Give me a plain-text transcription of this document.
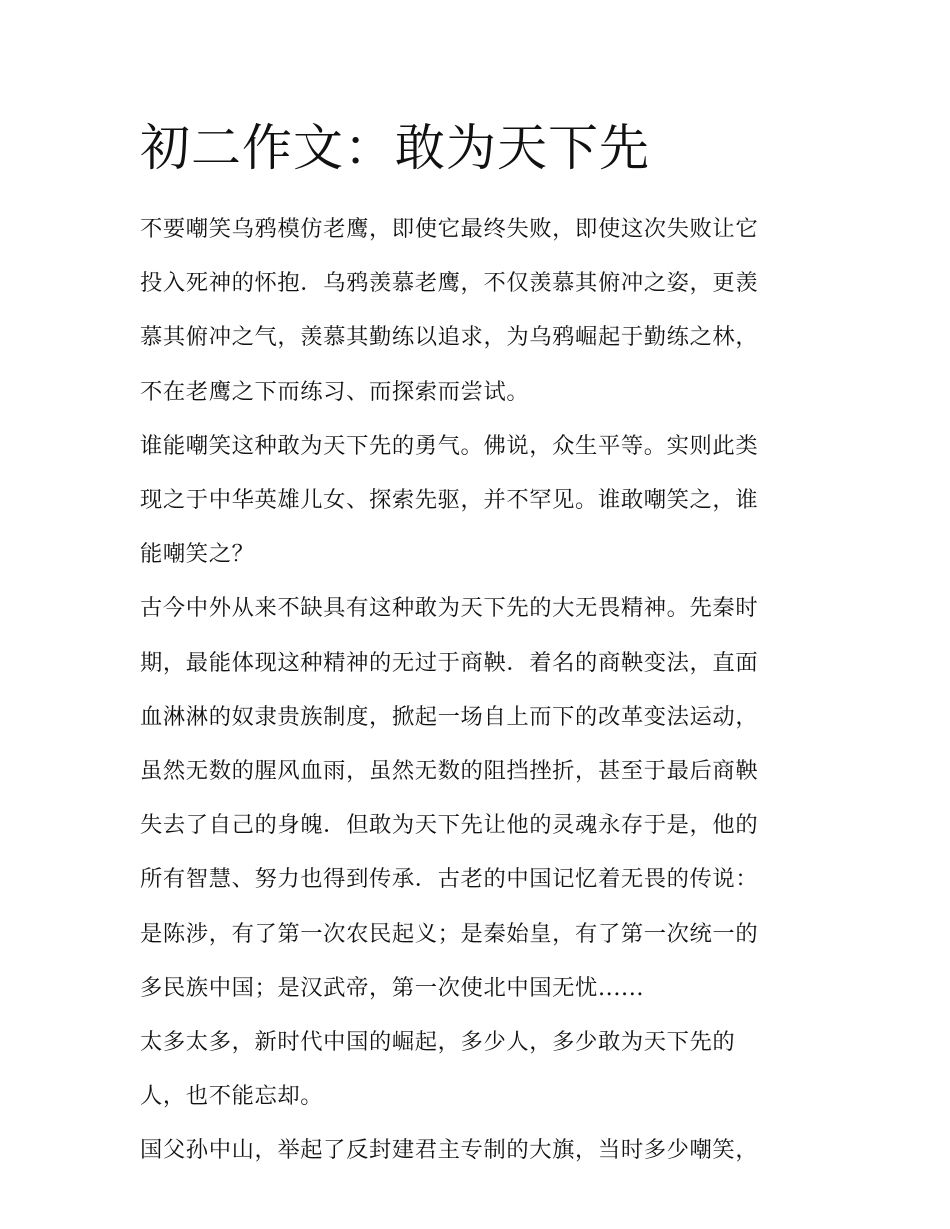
初二作文：敢为天下先

不要嘲笑乌鸦模仿老鹰，即使它最终失败，即使这次失败让它
投入死神的怀抱．乌鸦羡慕老鹰，不仅羡慕其俯冲之姿，更羡
慕其俯冲之气，羡慕其勤练以追求，为乌鸦崛起于勤练之林，
不在老鹰之下而练习、而探索而尝试。

谁能嘲笑这种敢为天下先的勇气。佛说，众生平等。实则此类
现之于中华英雄儿女、探索先驱，并不罕见。谁敢嘲笑之，谁
能嘲笑之？

古今中外从来不缺具有这种敢为天下先的大无畏精神。先秦时
期，最能体现这种精神的无过于商鞅．着名的商鞅变法，直面
血淋淋的奴隶贵族制度，掀起一场自上而下的改革变法运动，
虽然无数的腥风血雨，虽然无数的阻挡挫折，甚至于最后商鞅
失去了自己的身魄．但敢为天下先让他的灵魂永存于是，他的
所有智慧、努力也得到传承．古老的中国记忆着无畏的传说：
是陈涉，有了第一次农民起义；是秦始皇，有了第一次统一的
多民族中国；是汉武帝，第一次使北中国无忧......

太多太多，新时代中国的崛起，多少人，多少敢为天下先的
人，也不能忘却。

国父孙中山，举起了反封建君主专制的大旗，当时多少嘲笑，
